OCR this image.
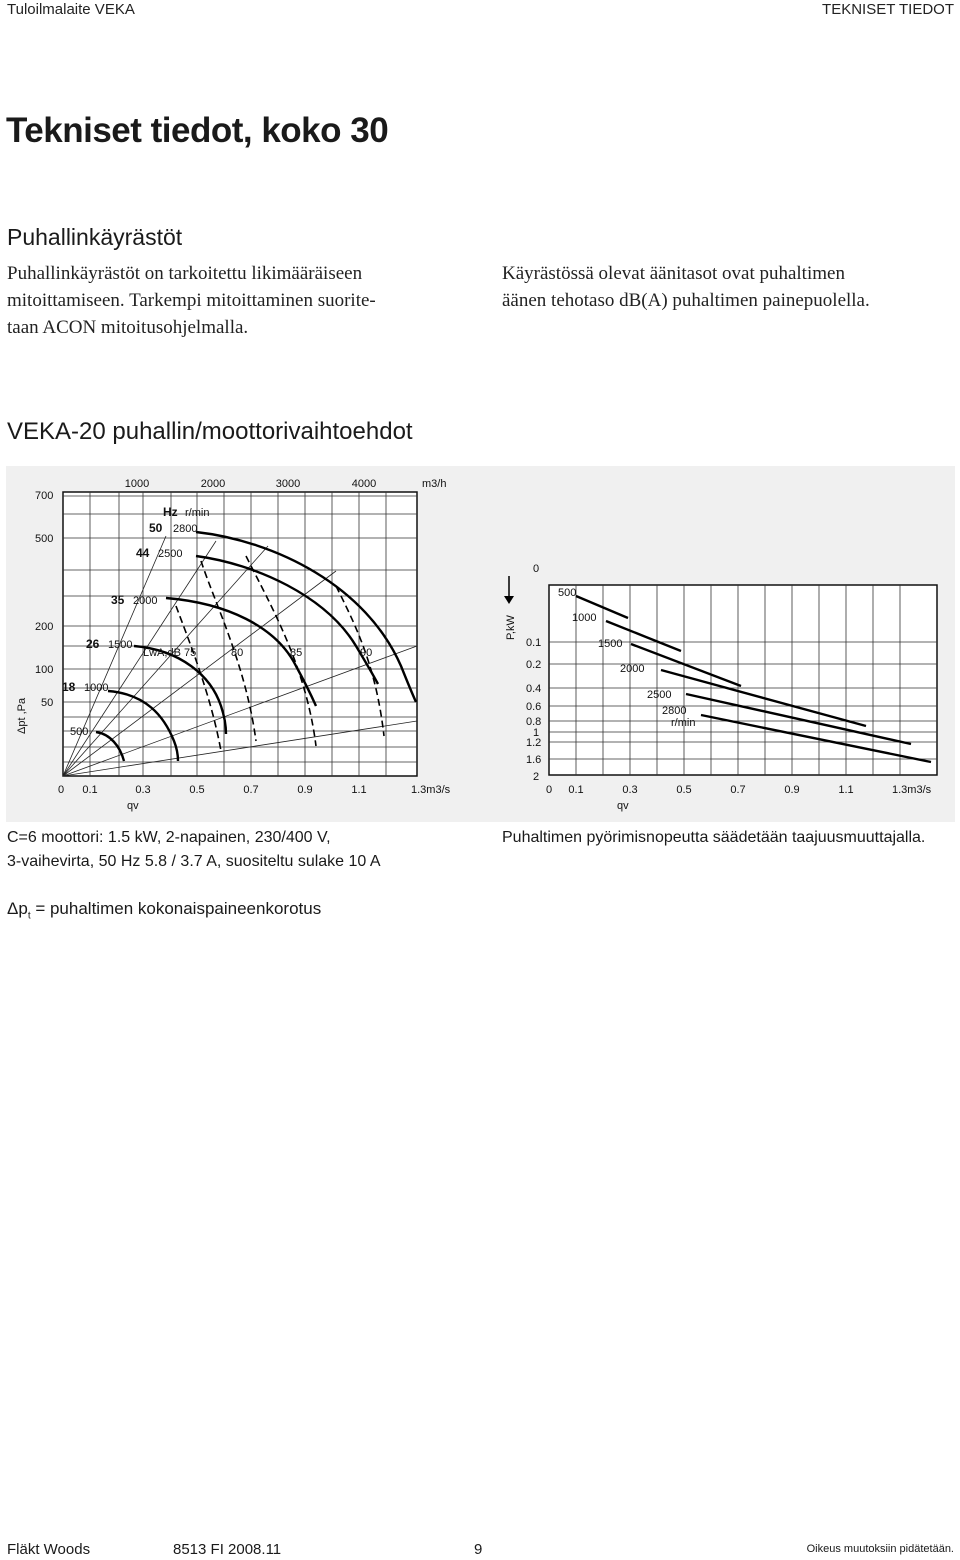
Tuloilmalaite VEKA	TEKNISET TIEDOT
Tekniset tiedot, koko 30
Puhallinkäyrästöt
Puhallinkäyrästöt on tarkoitettu likimääräiseen
mitoittamiseen. Tarkempi mitoittaminen suorite-
taan ACON mitoitusohjelmalla.
Käyrästössä olevat äänitasot ovat puhaltimen
äänen tehotaso dB(A) puhaltimen painepuolella.
VEKA-20 puhallin/moottorivaihtoehdot
1000	2000	3000	4000	m3/h
700
500
200
100
50
500
Δpt ,Pa
Hz r/min
50 2800
44 2500
35 2000
26 1500
18 1000
LwA,dB 75	80	85	90
0 0.1	0.3	0.5	0.7	0.9	1.1	1.3m3/s
qv
P,kW
0
0.1
0.2
0.4
0.6
0.8
1
1.2
1.6
2
500
1000
1500
2000
2500
2800
r/min
0 0.1	0.3	0.5	0.7	0.9	1.1	1.3m3/s
qv
C=6 moottori: 1.5 kW, 2-napainen, 230/400 V,
3-vaihevirta, 50 Hz 5.8 / 3.7 A, suositeltu sulake 10 A
Puhaltimen pyörimisnopeutta säädetään taajuusmuuttajalla.
$\Delta p_t$ = puhaltimen kokonaispaineenkorotus
Fläkt Woods	8513 FI 2008.11	9	Oikeus muutoksiin pidätetään.
